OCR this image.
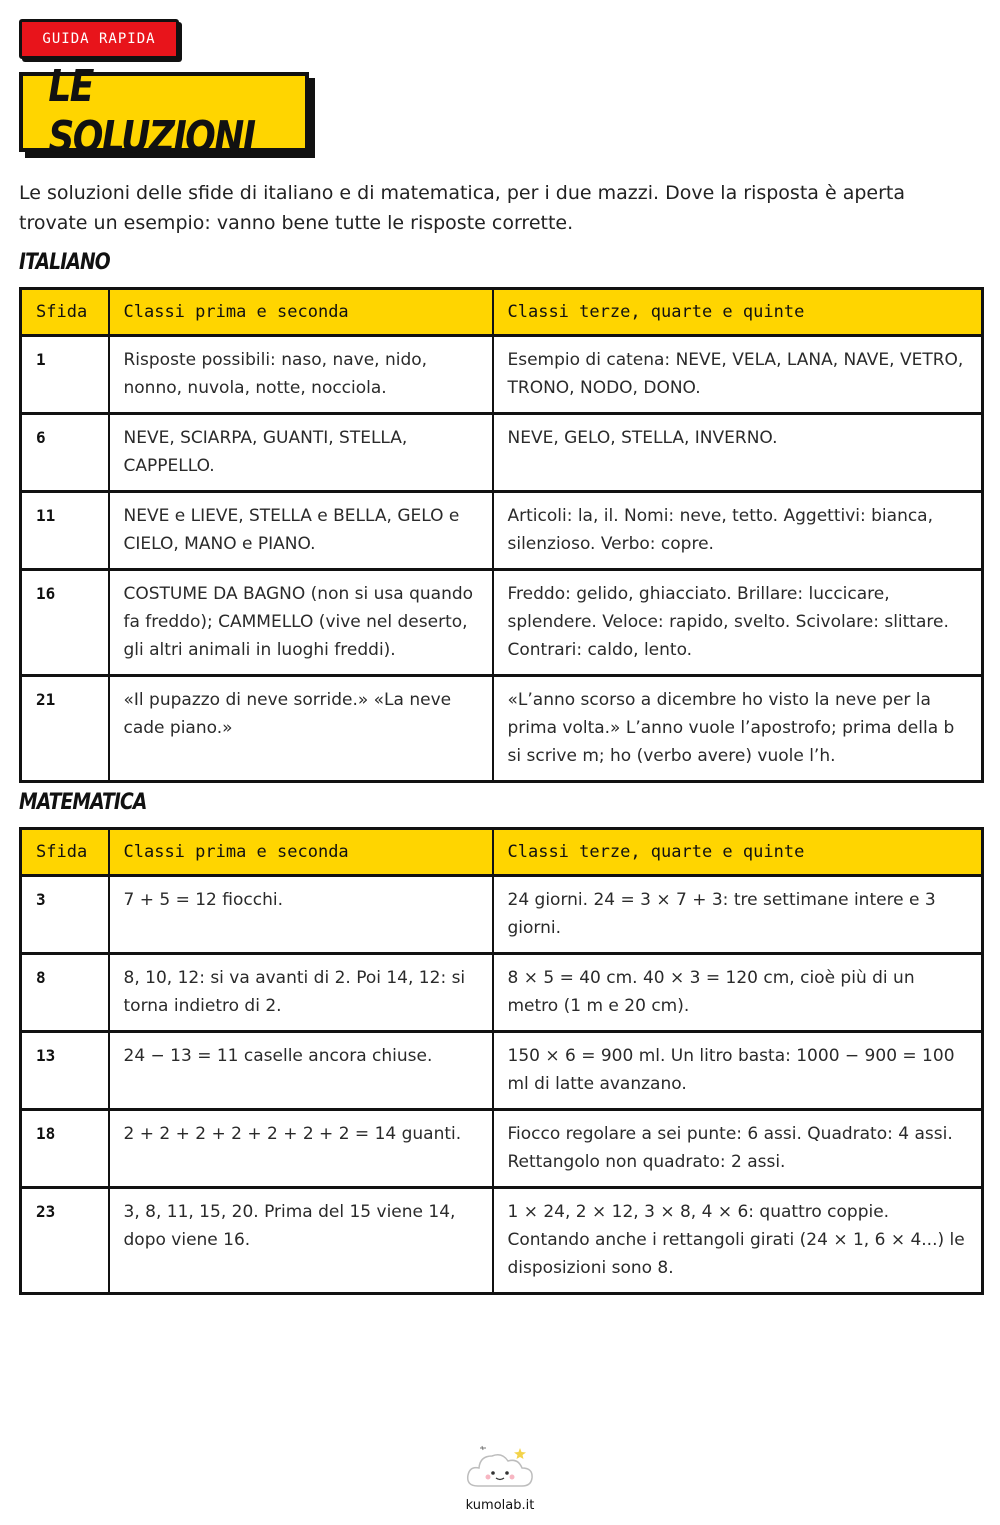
GUIDA RAPIDA
LE SOLUZIONI

Le soluzioni delle sfide di italiano e di matematica, per i due mazzi. Dove la risposta è aperta trovate un esempio: vanno bene tutte le risposte corrette.

ITALIANO
Sfida	Classi prima e seconda	Classi terze, quarte e quinte
1	Risposte possibili: naso, nave, nido, nonno, nuvola, notte, nocciola.	Esempio di catena: NEVE, VELA, LANA, NAVE, VETRO, TRONO, NODO, DONO.
6	NEVE, SCIARPA, GUANTI, STELLA, CAPPELLO.	NEVE, GELO, STELLA, INVERNO.
11	NEVE e LIEVE, STELLA e BELLA, GELO e CIELO, MANO e PIANO.	Articoli: la, il. Nomi: neve, tetto. Aggettivi: bianca, silenzioso. Verbo: copre.
16	COSTUME DA BAGNO (non si usa quando fa freddo); CAMMELLO (vive nel deserto, gli altri animali in luoghi freddi).	Freddo: gelido, ghiacciato. Brillare: luccicare, splendere. Veloce: rapido, svelto. Scivolare: slittare. Contrari: caldo, lento.
21	«Il pupazzo di neve sorride.» «La neve cade piano.»	«L’anno scorso a dicembre ho visto la neve per la prima volta.» L’anno vuole l’apostrofo; prima della b si scrive m; ho (verbo avere) vuole l’h.
MATEMATICA
Sfida	Classi prima e seconda	Classi terze, quarte e quinte
3	7 + 5 = 12 fiocchi.	24 giorni. 24 = 3 × 7 + 3: tre settimane intere e 3 giorni.
8	8, 10, 12: si va avanti di 2. Poi 14, 12: si torna indietro di 2.	8 × 5 = 40 cm. 40 × 3 = 120 cm, cioè più di un metro (1 m e 20 cm).
13	24 − 13 = 11 caselle ancora chiuse.	150 × 6 = 900 ml. Un litro basta: 1000 − 900 = 100 ml di latte avanzano.
18	2 + 2 + 2 + 2 + 2 + 2 + 2 = 14 guanti.	Fiocco regolare a sei punte: 6 assi. Quadrato: 4 assi. Rettangolo non quadrato: 2 assi.
23	3, 8, 11, 15, 20. Prima del 15 viene 14, dopo viene 16.	1 × 24, 2 × 12, 3 × 8, 4 × 6: quattro coppie. Contando anche i rettangoli girati (24 × 1, 6 × 4...) le disposizioni sono 8.
kumolab.it
